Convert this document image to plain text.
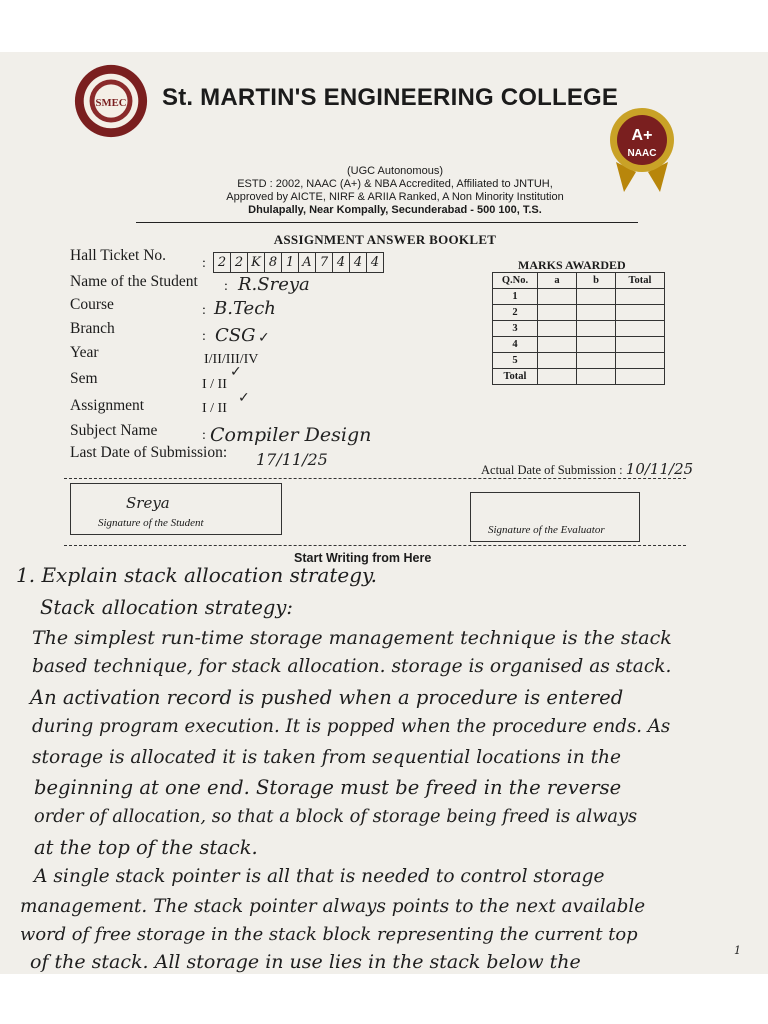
SMEC
A+
NAAC
St. MARTIN'S ENGINEERING COLLEGE
(UGC Autonomous)
ESTD : 2002, NAAC (A+) & NBA Accredited, Affiliated to JNTUH,
Approved by AICTE, NIRF & ARIIA Ranked, A Non Minority Institution
Dhulapally, Near Kompally, Secunderabad - 500 100, T.S.
ASSIGNMENT ANSWER BOOKLET
Hall Ticket No.	: 2 2 K 8 1 A 7 4 4 4
Name of the Student : R.Sreya
Course	: B.Tech
Branch	: CSG ✓
Year	I/II/III/IV
Sem	I / II
✓
Assignment	I / II
✓
Subject Name	: Compiler Design
Last Date of Submission: 17/11/25
MARKS AWARDED
Q.No.	a	b	Total
1			
2			
3			
4			
5			
Total			
Actual Date of Submission : 10/11/25
Sreya
Signature of the Student
Signature of the Evaluator
Start Writing from Here
1. Explain stack allocation strategy.
Stack allocation strategy:
The simplest run-time storage management technique is the stack
based technique, for stack allocation. storage is organised as stack.
An activation record is pushed when a procedure is entered
during program execution. It is popped when the procedure ends. As
storage is allocated it is taken from sequential locations in the
beginning at one end. Storage must be freed in the reverse
order of allocation, so that a block of storage being freed is always
at the top of the stack.
A single stack pointer is all that is needed to control storage
management. The stack pointer always points to the next available
word of free storage in the stack block representing the current top
of the stack. All storage in use lies in the stack below the
1
